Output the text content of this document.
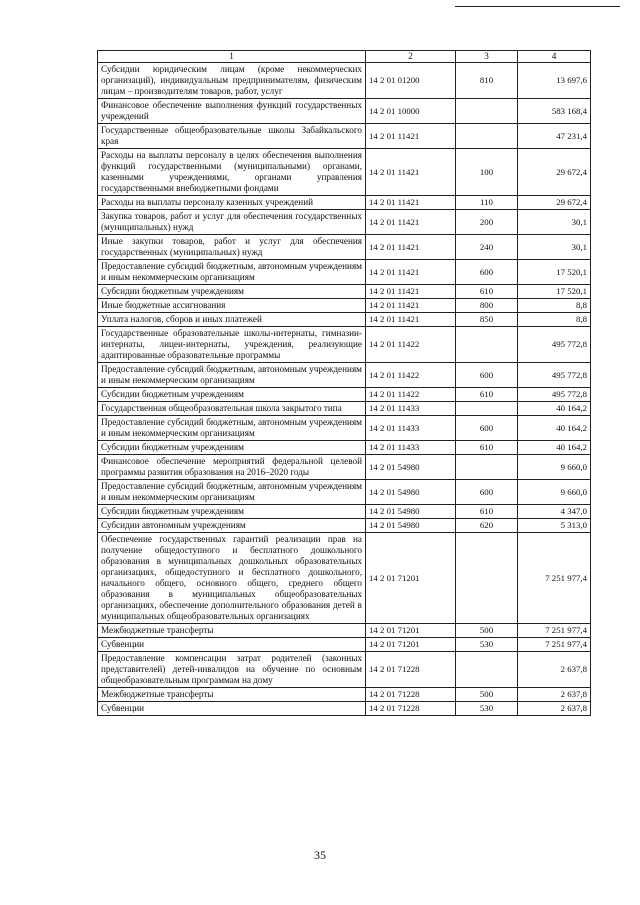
1	2	3	4
Субсидии юридическим лицам (кроме некоммерческих организаций), индивидуальным предпринимателям, физическим лицам – производителям товаров, работ, услуг	14 2 01 01200	810	13 697,6
Финансовое обеспечение выполнения функций государственных учреждений	14 2 01 10000		583 168,4
Государственные общеобразовательные школы Забайкальского края	14 2 01 11421		47 231,4
Расходы на выплаты персоналу в целях обеспечения выполнения функций государственными (муниципальными) органами, казенными учреждениями, органами управления государственными внебюджетными фондами	14 2 01 11421	100	29 672,4
Расходы на выплаты персоналу казенных учреждений	14 2 01 11421	110	29 672,4
Закупка товаров, работ и услуг для обеспечения государственных (муниципальных) нужд	14 2 01 11421	200	30,1
Иные закупки товаров, работ и услуг для обеспечения государственных (муниципальных) нужд	14 2 01 11421	240	30,1
Предоставление субсидий бюджетным, автономным учреждениям и иным некоммерческим организациям	14 2 01 11421	600	17 520,1
Субсидии бюджетным учреждениям	14 2 01 11421	610	17 520,1
Иные бюджетные ассигнования	14 2 01 11421	800	8,8
Уплата налогов, сборов и иных платежей	14 2 01 11421	850	8,8
Государственные образовательные школы-интернаты, гимназии-интернаты, лицеи-интернаты, учреждения, реализующие адаптированные образовательные программы	14 2 01 11422		495 772,8
Предоставление субсидий бюджетным, автономным учреждениям и иным некоммерческим организациям	14 2 01 11422	600	495 772,8
Субсидии бюджетным учреждениям	14 2 01 11422	610	495 772,8
Государственная общеобразовательная школа закрытого типа	14 2 01 11433		40 164,2
Предоставление субсидий бюджетным, автономным учреждениям и иным некоммерческим организациям	14 2 01 11433	600	40 164,2
Субсидии бюджетным учреждениям	14 2 01 11433	610	40 164,2
Финансовое обеспечение мероприятий федеральной целевой программы развития образования на 2016–2020 годы	14 2 01 54980		9 660,0
Предоставление субсидий бюджетным, автономным учреждениям и иным некоммерческим организациям	14 2 01 54980	600	9 660,0
Субсидии бюджетным учреждениям	14 2 01 54980	610	4 347,0
Субсидии автономным учреждениям	14 2 01 54980	620	5 313,0
Обеспечение государственных гарантий реализации прав на получение общедоступного и бесплатного дошкольного образования в муниципальных дошкольных образовательных организациях, общедоступного и бесплатного дошкольного, начального общего, основного общего, среднего общего образования в муниципальных общеобразовательных организациях, обеспечение дополнительного образования детей в муниципальных общеобразовательных организациях	14 2 01 71201		7 251 977,4
Межбюджетные трансферты	14 2 01 71201	500	7 251 977,4
Субвенции	14 2 01 71201	530	7 251 977,4
Предоставление компенсации затрат родителей (законных представителей) детей-инвалидов на обучение по основным общеобразовательным программам на дому	14 2 01 71228		2 637,8
Межбюджетные трансферты	14 2 01 71228	500	2 637,8
Субвенции	14 2 01 71228	530	2 637,8
35
